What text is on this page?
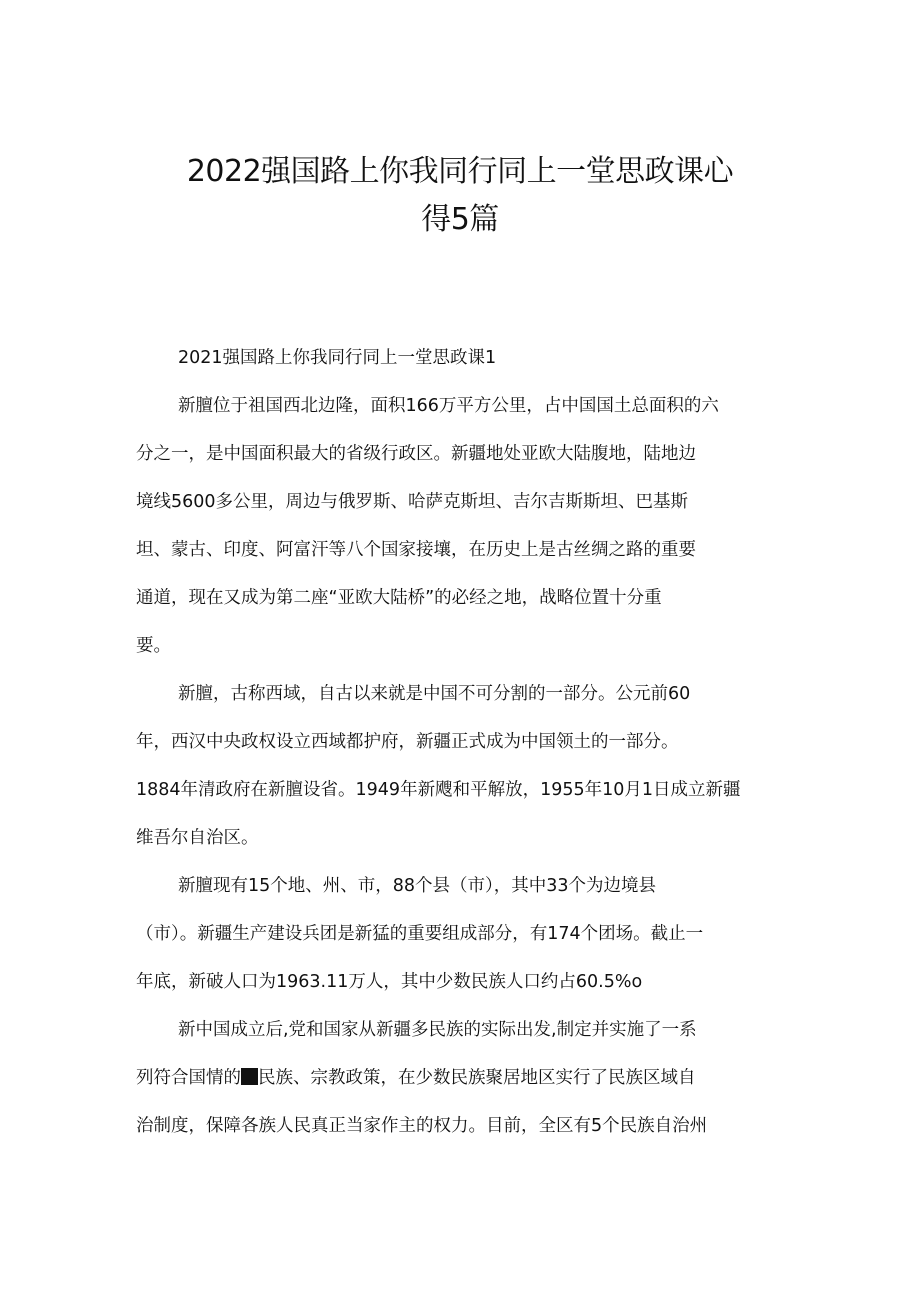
2022强国路上你我同行同上一堂思政课心
得5篇

2021强国路上你我同行同上一堂思政课1

新膻位于祖国西北边隆，面积166万平方公里，占中国国土总面积的六
分之一，是中国面积最大的省级行政区。新疆地处亚欧大陆腹地，陆地边
境线5600多公里，周边与俄罗斯、哈萨克斯坦、吉尔吉斯斯坦、巴基斯
坦、蒙古、印度、阿富汗等八个国家接壤，在历史上是古丝绸之路的重要
通道，现在又成为第二座“亚欧大陆桥”的必经之地，战略位置十分重
要。

新膻，古称西域，自古以来就是中国不可分割的一部分。公元前60
年，西汉中央政权设立西域都护府，新疆正式成为中国领土的一部分。
1884年清政府在新膻设省。1949年新飕和平解放，1955年10月1日成立新疆
维吾尔自治区。

新膻现有15个地、州、市，88个县（市），其中33个为边境县
（市）。新疆生产建设兵团是新猛的重要组成部分，有174个团场。截止一
年底，新破人口为1963.11万人，其中少数民族人口约占60.5%o

新中国成立后,党和国家从新疆多民族的实际出发,制定并实施了一系
列符合国情的 民族、宗教政策，在少数民族聚居地区实行了民族区域自
治制度，保障各族人民真正当家作主的权力。目前，全区有5个民族自治州
